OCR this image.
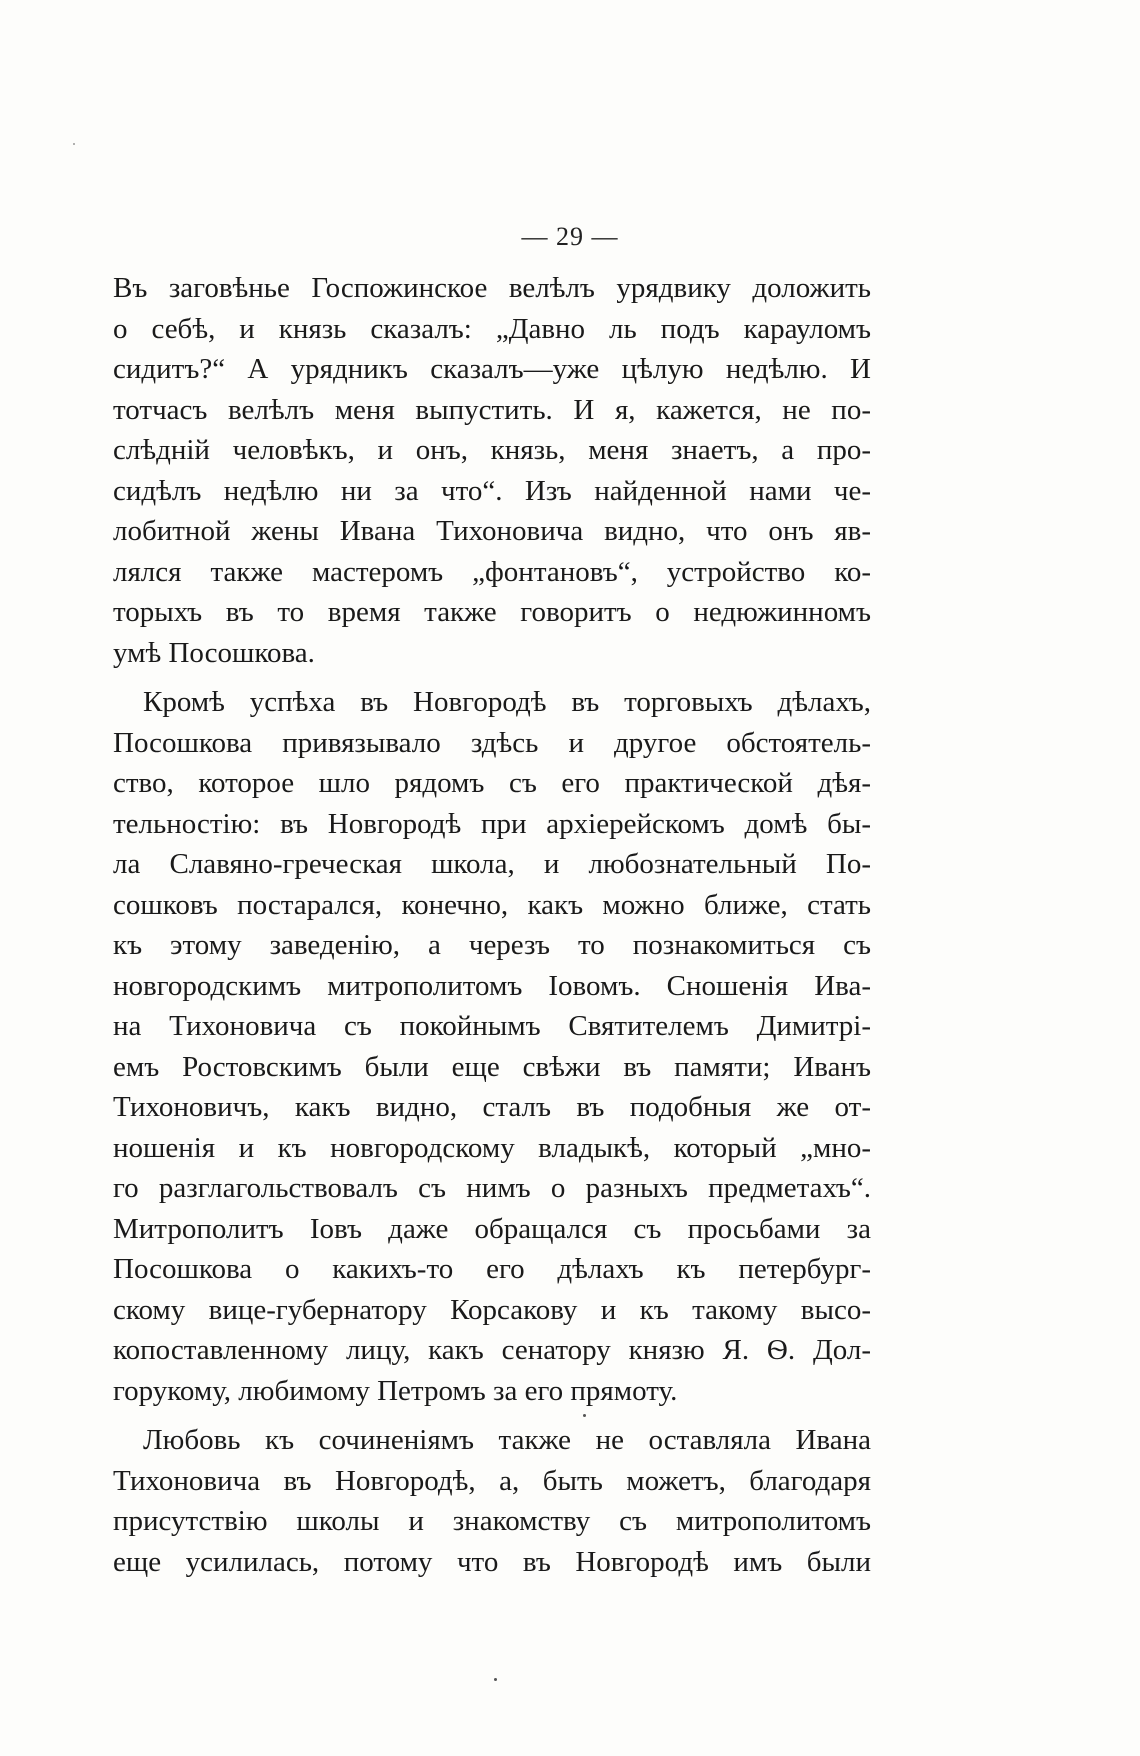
— 29 —
Въ заговѣнье Госпожинское велѣлъ урядвику доложить
о себѣ, и князь сказалъ: „Давно ль подъ карауломъ
сидитъ?“ А урядникъ сказалъ—уже цѣлую недѣлю. И
тотчасъ велѣлъ меня выпустить. И я, кажется, не по-
слѣдній человѣкъ, и онъ, князь, меня знаетъ, а про-
сидѣлъ недѣлю ни за что“. Изъ найденной нами че-
лобитной жены Ивана Тихоновича видно, что онъ яв-
лялся также мастеромъ „фонтановъ“, устройство ко-
торыхъ въ то время также говоритъ о недюжинномъ
умѣ Посошкова.
Кромѣ успѣха въ Новгородѣ въ торговыхъ дѣлахъ,
Посошкова привязывало здѣсь и другое обстоятель-
ство, которое шло рядомъ съ его практической дѣя-
тельностію: въ Новгородѣ при архіерейскомъ домѣ бы-
ла Славяно-греческая школа, и любознательный По-
сошковъ постарался, конечно, какъ можно ближе, стать
къ этому заведенію, а черезъ то познакомиться съ
новгородскимъ митрополитомъ Іовомъ. Сношенія Ива-
на Тихоновича съ покойнымъ Святителемъ Димитрі-
емъ Ростовскимъ были еще свѣжи въ памяти; Иванъ
Тихоновичъ, какъ видно, сталъ въ подобныя же от-
ношенія и къ новгородскому владыкѣ, который „мно-
го разглагольствовалъ съ нимъ о разныхъ предметахъ“.
Митрополитъ Іовъ даже обращался съ просьбами за
Посошкова о какихъ-то его дѣлахъ къ петербург-
скому вице-губернатору Корсакову и къ такому высо-
копоставленному лицу, какъ сенатору князю Я. Ѳ. Дол-
горукому, любимому Петромъ за его прямоту.
Любовь къ сочиненіямъ также не оставляла Ивана
Тихоновича въ Новгородѣ, а, быть можетъ, благодаря
присутствію школы и знакомству съ митрополитомъ
еще усилилась, потому что въ Новгородѣ имъ были
